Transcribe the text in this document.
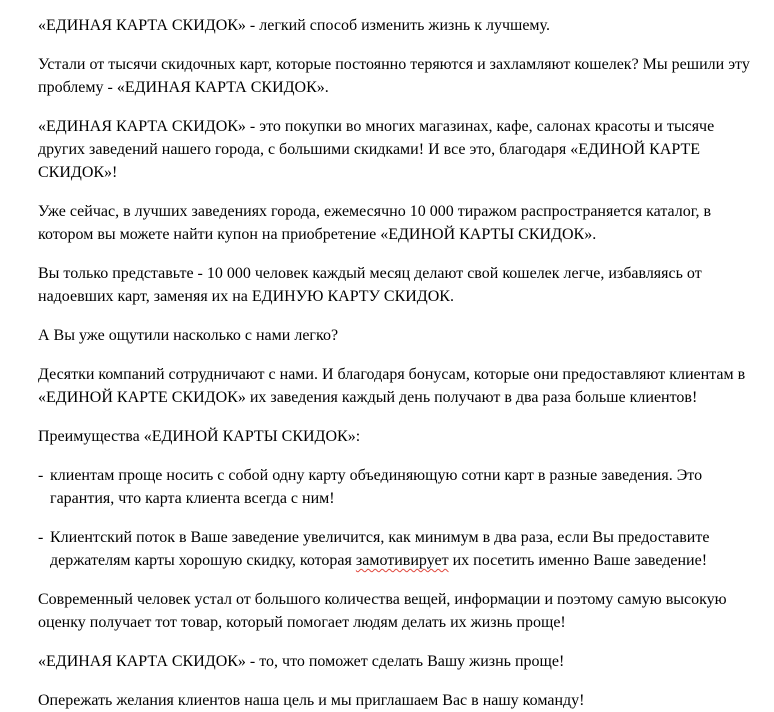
«ЕДИНАЯ КАРТА СКИДОК» - легкий способ изменить жизнь к лучшему.

Устали от тысячи скидочных карт, которые постоянно теряются и захламляют кошелек? Мы решили эту проблему - «ЕДИНАЯ КАРТА СКИДОК».

«ЕДИНАЯ КАРТА СКИДОК» - это покупки во многих магазинах, кафе, салонах красоты и тысяче других заведений нашего города, с большими скидками! И все это, благодаря «ЕДИНОЙ КАРТЕ СКИДОК»!

Уже сейчас, в лучших заведениях города, ежемесячно 10 000 тиражом распространяется каталог, в котором вы можете найти купон на приобретение «ЕДИНОЙ КАРТЫ СКИДОК».

Вы только представьте - 10 000 человек каждый месяц делают свой кошелек легче, избавляясь от надоевших карт, заменяя их на ЕДИНУЮ КАРТУ СКИДОК.

А Вы уже ощутили насколько с нами легко?

Десятки компаний сотрудничают с нами. И благодаря бонусам, которые они предоставляют клиентам в «ЕДИНОЙ КАРТЕ СКИДОК» их заведения каждый день получают в два раза больше клиентов!

Преимущества «ЕДИНОЙ КАРТЫ СКИДОК»:

- клиентам проще носить с собой одну карту объединяющую сотни карт в разные заведения. Это гарантия, что карта клиента всегда с ним!
- Клиентский поток в Ваше заведение увеличится, как минимум в два раза, если Вы предоставите держателям карты хорошую скидку, которая замотивирует их посетить именно Ваше заведение!

Современный человек устал от большого количества вещей, информации и поэтому самую высокую оценку получает тот товар, который помогает людям делать их жизнь проще!

«ЕДИНАЯ КАРТА СКИДОК» - то, что поможет сделать Вашу жизнь проще!

Опережать желания клиентов наша цель и мы приглашаем Вас в нашу команду!
